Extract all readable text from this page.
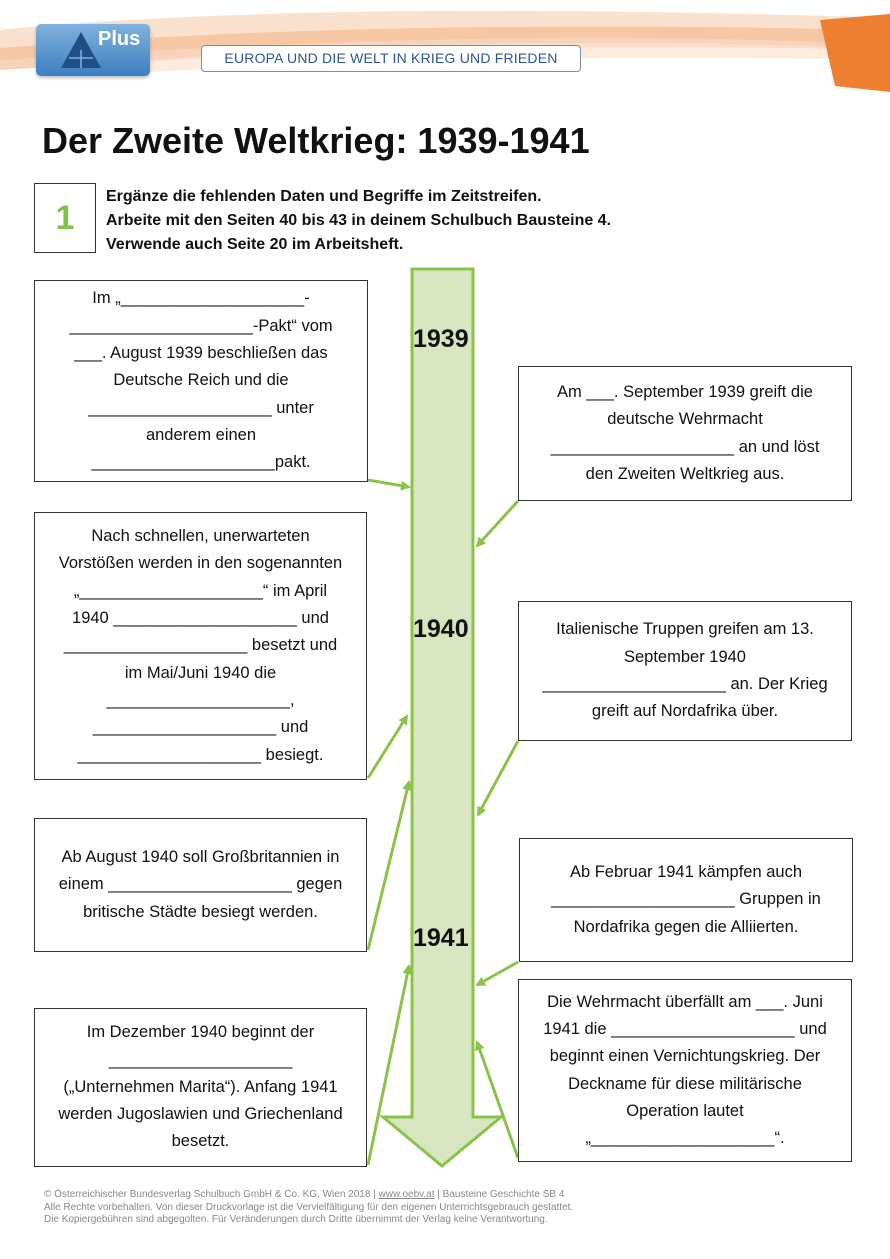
Plus
EUROPA UND DIE WELT IN KRIEG UND FRIEDEN
Der Zweite Weltkrieg: 1939-1941
1
Ergänze die fehlenden Daten und Begriffe im Zeitstreifen.
Arbeite mit den Seiten 40 bis 43 in deinem Schulbuch Bausteine 4.
Verwende auch Seite 20 im Arbeitsheft.
1939
1940
1941
Im „____________________-
____________________-Pakt“ vom
___. August 1939 beschließen das
Deutsche Reich und die
____________________ unter
anderem einen
____________________pakt.
Nach schnellen, unerwarteten
Vorstößen werden in den sogenannten
„____________________“ im April
1940 ____________________ und
____________________ besetzt und
im Mai/Juni 1940 die
____________________,
____________________ und
____________________ besiegt.
Ab August 1940 soll Großbritannien in
einem ____________________ gegen
britische Städte besiegt werden.
Im Dezember 1940 beginnt der
____________________
(„Unternehmen Marita“). Anfang 1941
werden Jugoslawien und Griechenland
besetzt.
Am ___. September 1939 greift die
deutsche Wehrmacht
____________________ an und löst
den Zweiten Weltkrieg aus.
Italienische Truppen greifen am 13.
September 1940
____________________ an. Der Krieg
greift auf Nordafrika über.
Ab Februar 1941 kämpfen auch
____________________ Gruppen in
Nordafrika gegen die Alliierten.
Die Wehrmacht überfällt am ___. Juni
1941 die ____________________ und
beginnt einen Vernichtungskrieg. Der
Deckname für diese militärische
Operation lautet
„____________________“.
© Österreichischer Bundesverlag Schulbuch GmbH & Co. KG, Wien 2018 | www.oebv.at | Bausteine Geschichte SB 4
Alle Rechte vorbehalten. Von dieser Druckvorlage ist die Vervielfältigung für den eigenen Unterrichtsgebrauch gestattet.
Die Kopiergebühren sind abgegolten. Für Veränderungen durch Dritte übernimmt der Verlag keine Verantwortung.
